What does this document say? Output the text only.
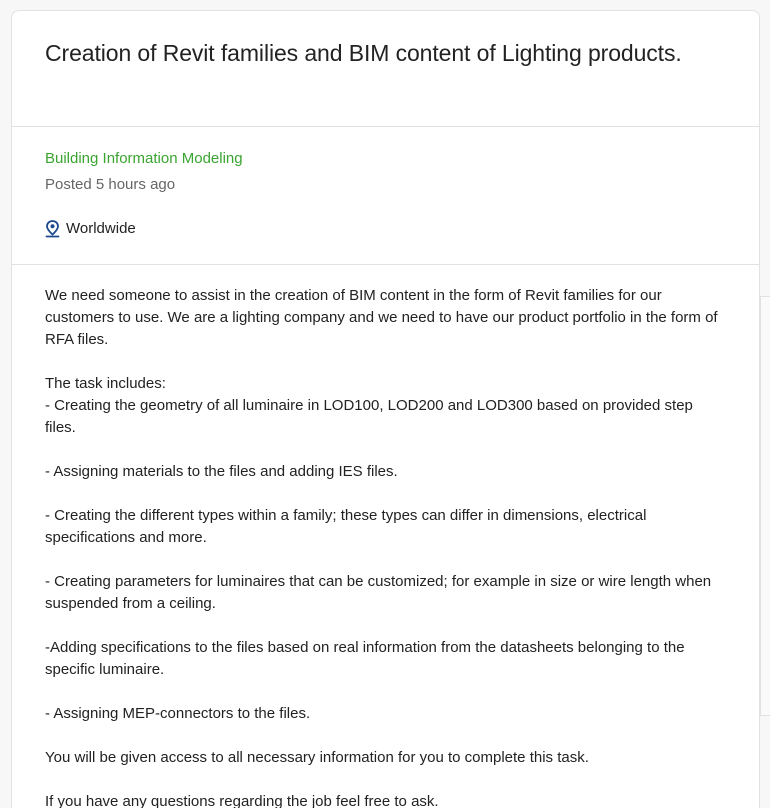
Creation of Revit families and BIM content of Lighting products.

Building Information Modeling

Posted 5 hours ago

Worldwide

We need someone to assist in the creation of BIM content in the form of Revit families for our customers to use. We are a lighting company and we need to have our product portfolio in the form of RFA files.

The task includes:
- Creating the geometry of all luminaire in LOD100, LOD200 and LOD300 based on provided step files.

- Assigning materials to the files and adding IES files.

- Creating the different types within a family; these types can differ in dimensions, electrical specifications and more.

- Creating parameters for luminaires that can be customized; for example in size or wire length when suspended from a ceiling.

-Adding specifications to the files based on real information from the datasheets belonging to the specific luminaire.

- Assigning MEP-connectors to the files.

You will be given access to all necessary information for you to complete this task.

If you have any questions regarding the job feel free to ask.
